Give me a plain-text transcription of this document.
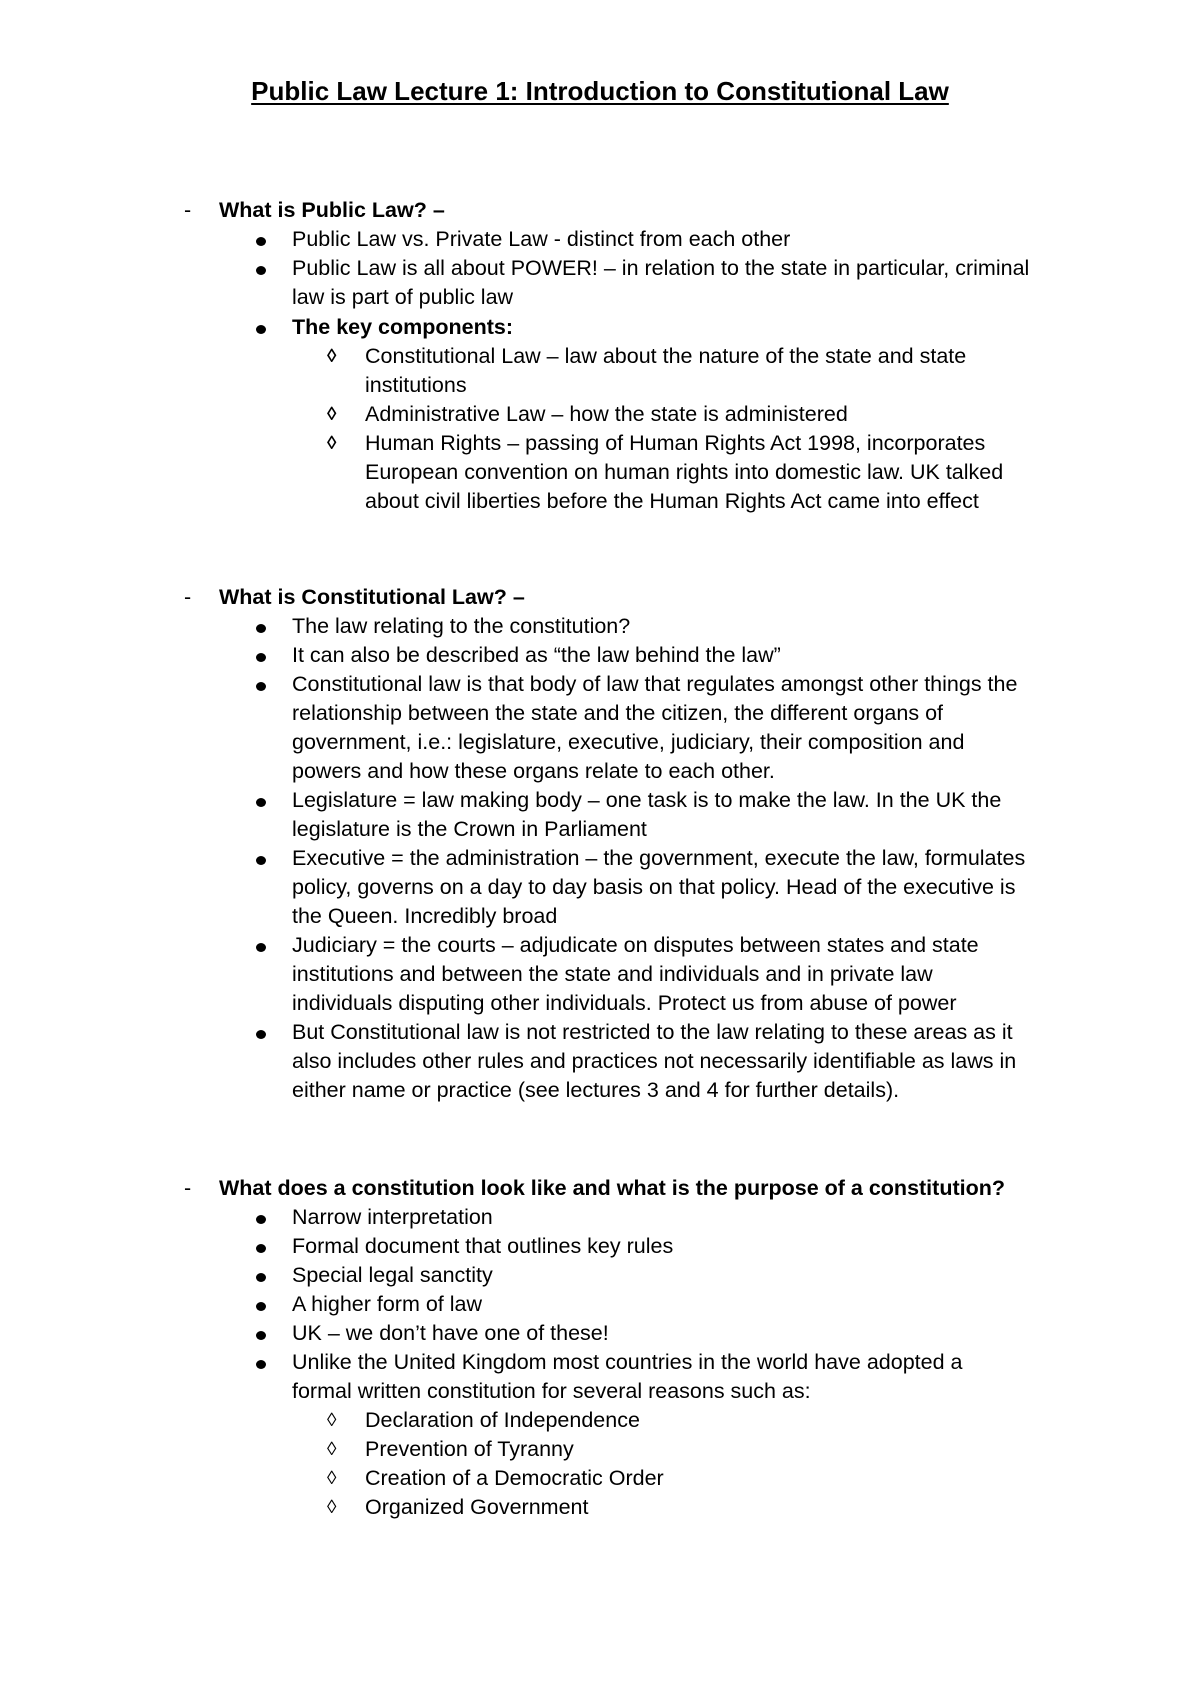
Public Law Lecture 1: Introduction to Constitutional Law
- What is Public Law? –
Public Law vs. Private Law - distinct from each other
Public Law is all about POWER! – in relation to the state in particular, criminal
law is part of public law
The key components:
◊ Constitutional Law – law about the nature of the state and state
institutions
◊ Administrative Law – how the state is administered
◊ Human Rights – passing of Human Rights Act 1998, incorporates
European convention on human rights into domestic law. UK talked
about civil liberties before the Human Rights Act came into effect
- What is Constitutional Law? –
The law relating to the constitution?
It can also be described as “the law behind the law”
Constitutional law is that body of law that regulates amongst other things the
relationship between the state and the citizen, the different organs of
government, i.e.: legislature, executive, judiciary, their composition and
powers and how these organs relate to each other.
Legislature = law making body – one task is to make the law. In the UK the
legislature is the Crown in Parliament
Executive = the administration – the government, execute the law, formulates
policy, governs on a day to day basis on that policy. Head of the executive is
the Queen. Incredibly broad
Judiciary = the courts – adjudicate on disputes between states and state
institutions and between the state and individuals and in private law
individuals disputing other individuals. Protect us from abuse of power
But Constitutional law is not restricted to the law relating to these areas as it
also includes other rules and practices not necessarily identifiable as laws in
either name or practice (see lectures 3 and 4 for further details).
- What does a constitution look like and what is the purpose of a constitution?
Narrow interpretation
Formal document that outlines key rules
Special legal sanctity
A higher form of law
UK – we don’t have one of these!
Unlike the United Kingdom most countries in the world have adopted a
formal written constitution for several reasons such as:
◊ Declaration of Independence
◊ Prevention of Tyranny
◊ Creation of a Democratic Order
◊ Organized Government
